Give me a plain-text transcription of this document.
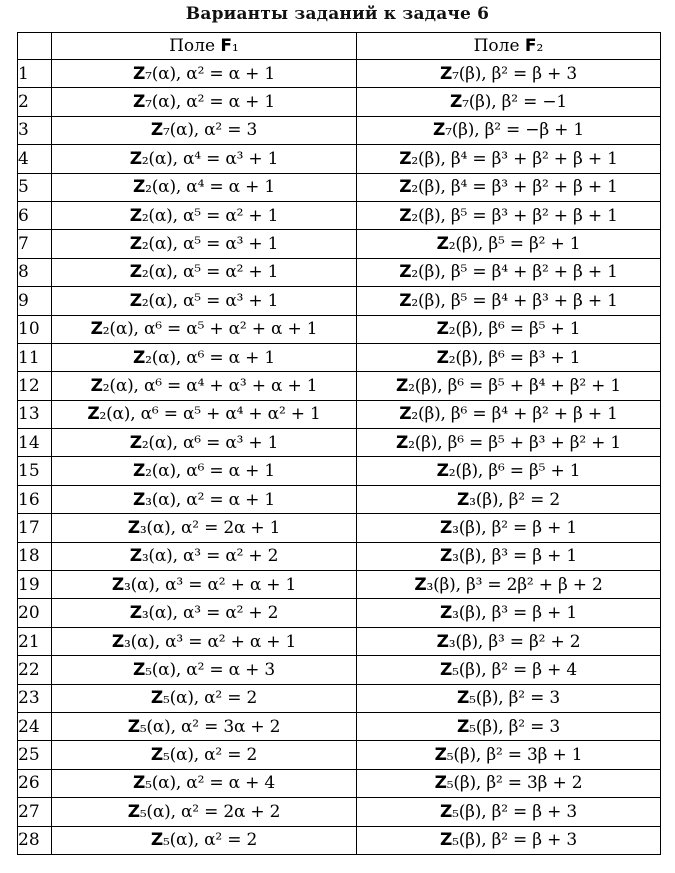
Варианты заданий к задаче 6
	Поле 𝗙₁	Поле 𝗙₂
1	𝗭₇(α), α² = α + 1	𝗭₇(β), β² = β + 3
2	𝗭₇(α), α² = α + 1	𝗭₇(β), β² = −1
3	𝗭₇(α), α² = 3	𝗭₇(β), β² = −β + 1
4	𝗭₂(α), α⁴ = α³ + 1	𝗭₂(β), β⁴ = β³ + β² + β + 1
5	𝗭₂(α), α⁴ = α + 1	𝗭₂(β), β⁴ = β³ + β² + β + 1
6	𝗭₂(α), α⁵ = α² + 1	𝗭₂(β), β⁵ = β³ + β² + β + 1
7	𝗭₂(α), α⁵ = α³ + 1	𝗭₂(β), β⁵ = β² + 1
8	𝗭₂(α), α⁵ = α² + 1	𝗭₂(β), β⁵ = β⁴ + β² + β + 1
9	𝗭₂(α), α⁵ = α³ + 1	𝗭₂(β), β⁵ = β⁴ + β³ + β + 1
10	𝗭₂(α), α⁶ = α⁵ + α² + α + 1	𝗭₂(β), β⁶ = β⁵ + 1
11	𝗭₂(α), α⁶ = α + 1	𝗭₂(β), β⁶ = β³ + 1
12	𝗭₂(α), α⁶ = α⁴ + α³ + α + 1	𝗭₂(β), β⁶ = β⁵ + β⁴ + β² + 1
13	𝗭₂(α), α⁶ = α⁵ + α⁴ + α² + 1	𝗭₂(β), β⁶ = β⁴ + β² + β + 1
14	𝗭₂(α), α⁶ = α³ + 1	𝗭₂(β), β⁶ = β⁵ + β³ + β² + 1
15	𝗭₂(α), α⁶ = α + 1	𝗭₂(β), β⁶ = β⁵ + 1
16	𝗭₃(α), α² = α + 1	𝗭₃(β), β² = 2
17	𝗭₃(α), α² = 2α + 1	𝗭₃(β), β² = β + 1
18	𝗭₃(α), α³ = α² + 2	𝗭₃(β), β³ = β + 1
19	𝗭₃(α), α³ = α² + α + 1	𝗭₃(β), β³ = 2β² + β + 2
20	𝗭₃(α), α³ = α² + 2	𝗭₃(β), β³ = β + 1
21	𝗭₃(α), α³ = α² + α + 1	𝗭₃(β), β³ = β² + 2
22	𝗭₅(α), α² = α + 3	𝗭₅(β), β² = β + 4
23	𝗭₅(α), α² = 2	𝗭₅(β), β² = 3
24	𝗭₅(α), α² = 3α + 2	𝗭₅(β), β² = 3
25	𝗭₅(α), α² = 2	𝗭₅(β), β² = 3β + 1
26	𝗭₅(α), α² = α + 4	𝗭₅(β), β² = 3β + 2
27	𝗭₅(α), α² = 2α + 2	𝗭₅(β), β² = β + 3
28	𝗭₅(α), α² = 2	𝗭₅(β), β² = β + 3
